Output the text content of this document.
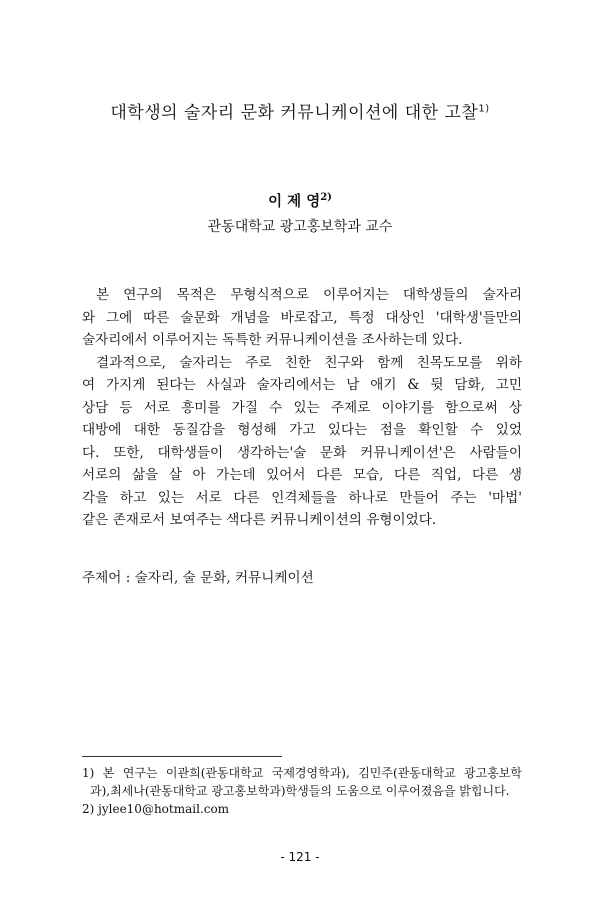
대학생의 술자리 문화 커뮤니케이션에 대한 고찰$^{1)}$
이 제 영$^{2)}$
관동대학교 광고홍보학과 교수
본 연구의 목적은 무형식적으로 이루어지는 대학생들의 술자리
와 그에 따른 술문화 개념을 바로잡고, 특정 대상인 '대학생'들만의
술자리에서 이루어지는 독특한 커뮤니케이션을 조사하는데 있다.
결과적으로, 술자리는 주로 친한 친구와 함께 친목도모를 위하
여 가지게 된다는 사실과 술자리에서는 남 애기 & 뒷 담화, 고민
상담 등 서로 흥미를 가질 수 있는 주제로 이야기를 함으로써 상
대방에 대한 동질감을 형성해 가고 있다는 점을 확인할 수 있었
다. 또한, 대학생들이 생각하는'술 문화 커뮤니케이션'은 사람들이
서로의 삶을 살 아 가는데 있어서 다른 모습, 다른 직업, 다른 생
각을 하고 있는 서로 다른 인격체들을 하나로 만들어 주는 '마법'
같은 존재로서 보여주는 색다른 커뮤니케이션의 유형이었다.
주제어 : 술자리, 술 문화, 커뮤니케이션
1) 본 연구는 이관희(관동대학교 국제경영학과), 김민주(관동대학교 광고홍보학
과),최세나(관동대학교 광고홍보학과)학생들의 도움으로 이루어졌음을 밝힙니다.
2) jylee10@hotmail.com
- 121 -
